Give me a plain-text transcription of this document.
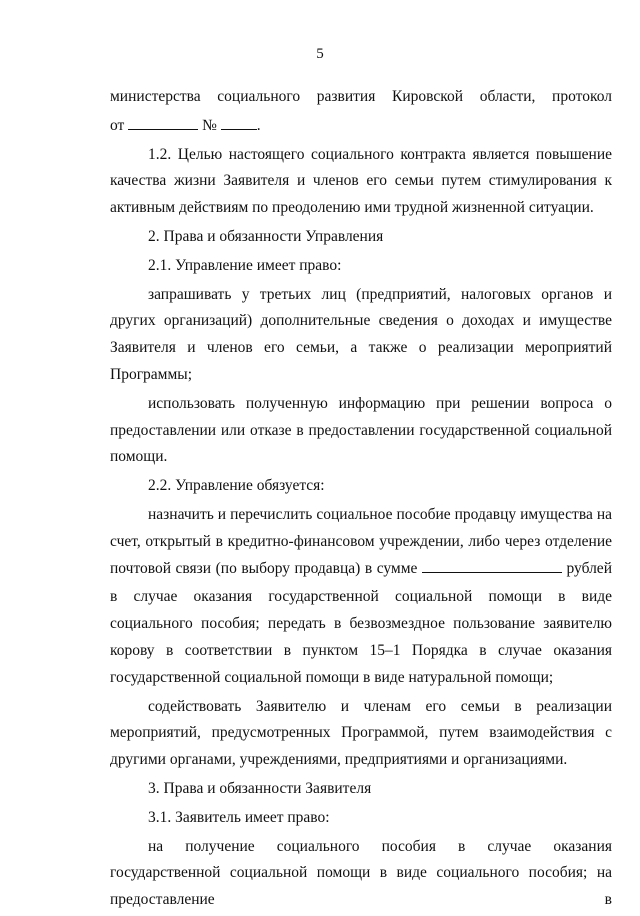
5

министерства социального развития Кировской области, протокол

от	№	.

1.2. Целью настоящего социального контракта является повышение качества жизни Заявителя и членов его семьи путем стимулирования к активным действиям по преодолению ими трудной жизненной ситуации.

2. Права и обязанности Управления

2.1. Управление имеет право:

запрашивать у третьих лиц (предприятий, налоговых органов и других организаций) дополнительные сведения о доходах и имуществе Заявителя и членов его семьи, а также о реализации мероприятий Программы;

использовать полученную информацию при решении вопроса о предоставлении или отказе в предоставлении государственной социальной помощи.

2.2. Управление обязуется:

назначить и перечислить социальное пособие продавцу имущества на счет, открытый в кредитно-финансовом учреждении, либо через отделение почтовой связи (по выбору продавца) в сумме	рублей

в случае оказания государственной социальной помощи в виде социального пособия; передать в безвозмездное пользование заявителю корову в соответствии в пунктом 15–1 Порядка в случае оказания государственной социальной помощи в виде натуральной помощи;

содействовать Заявителю и членам его семьи в реализации мероприятий, предусмотренных Программой, путем взаимодействия с другими органами, учреждениями, предприятиями и организациями.

3. Права и обязанности Заявителя

3.1. Заявитель имеет право:

на получение социального пособия в случае оказания государственной социальной помощи в виде социального пособия; на предоставление в
